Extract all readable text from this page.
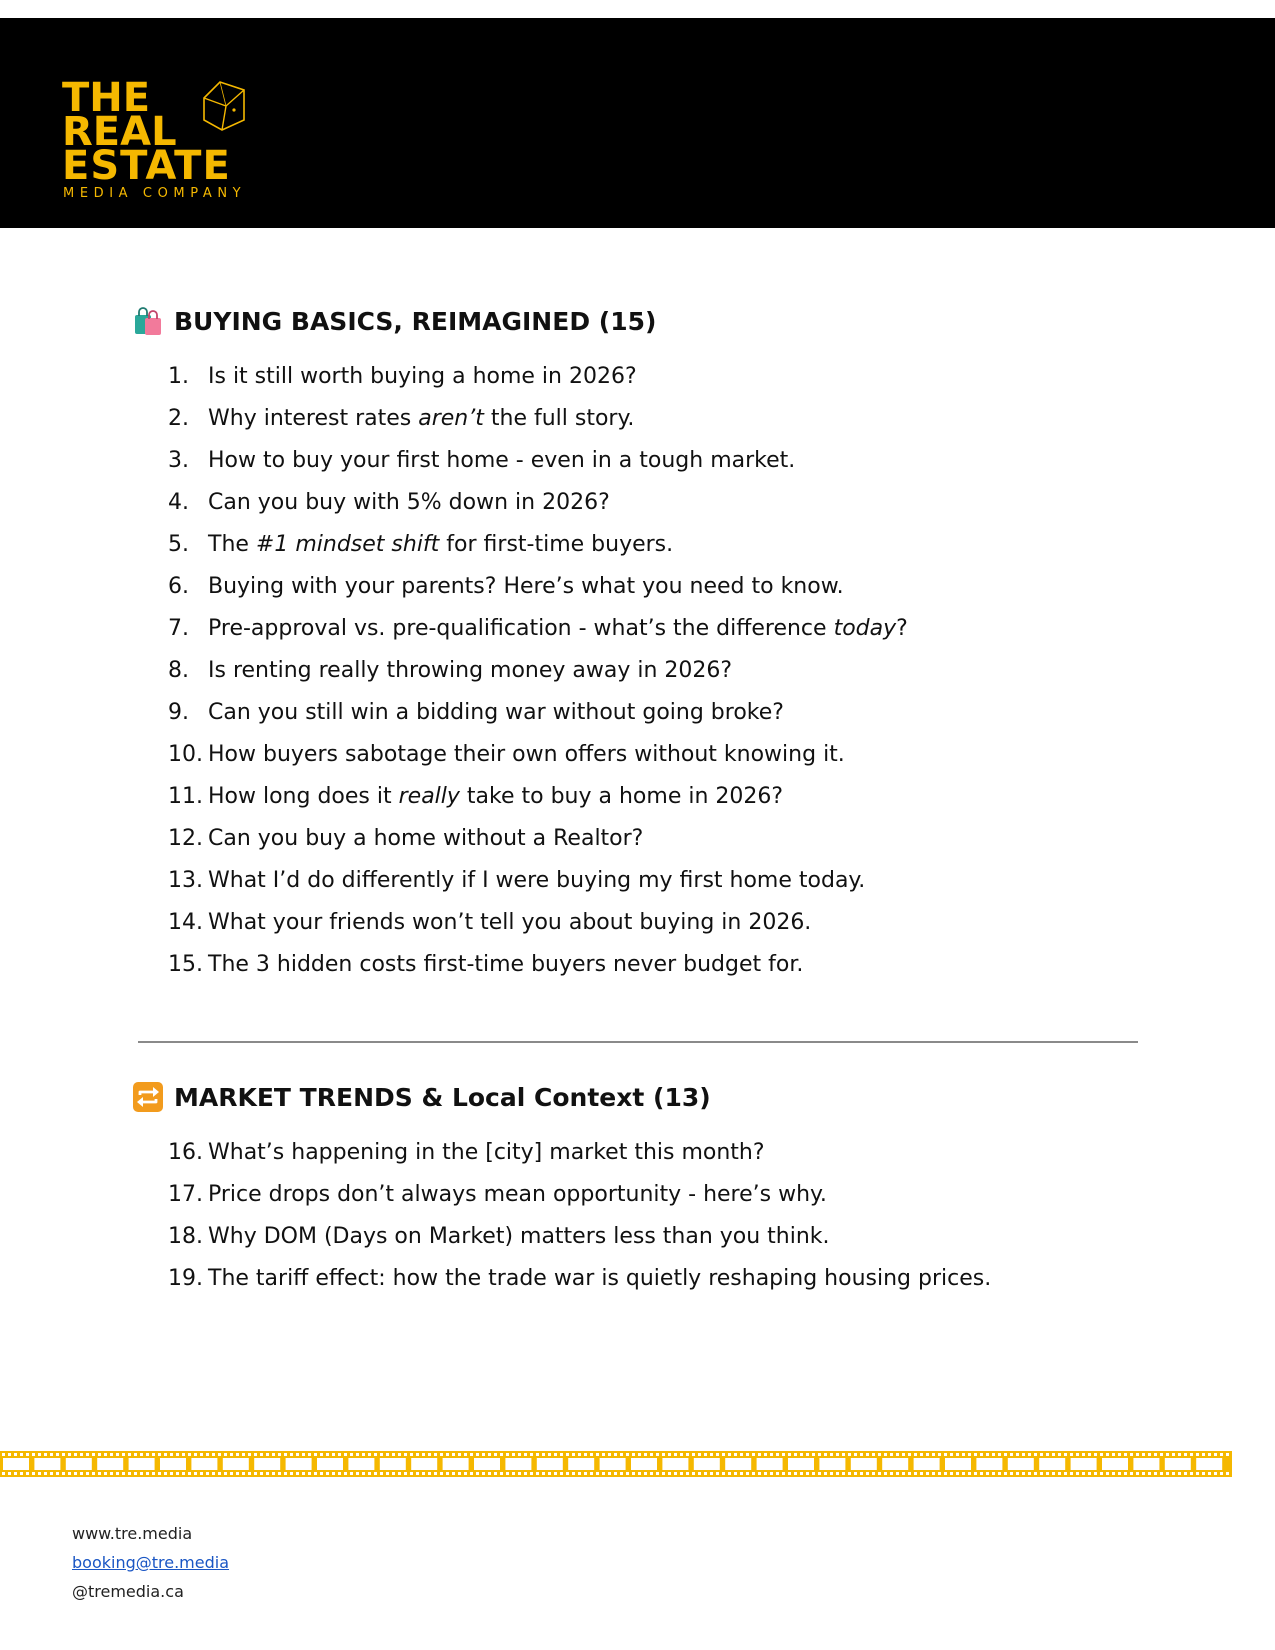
THE
REAL
ESTATE
MEDIA COMPANY
BUYING BASICS, REIMAGINED (15)
1. Is it still worth buying a home in 2026?
2. Why interest rates aren’t the full story.
3. How to buy your first home - even in a tough market.
4. Can you buy with 5% down in 2026?
5. The #1 mindset shift for first-time buyers.
6. Buying with your parents? Here’s what you need to know.
7. Pre-approval vs. pre-qualification - what’s the difference today?
8. Is renting really throwing money away in 2026?
9. Can you still win a bidding war without going broke?
10. How buyers sabotage their own offers without knowing it.
11. How long does it really take to buy a home in 2026?
12. Can you buy a home without a Realtor?
13. What I’d do differently if I were buying my first home today.
14. What your friends won’t tell you about buying in 2026.
15. The 3 hidden costs first-time buyers never budget for.
MARKET TRENDS & Local Context (13)
16. What’s happening in the [city] market this month?
17. Price drops don’t always mean opportunity - here’s why.
18. Why DOM (Days on Market) matters less than you think.
19. The tariff effect: how the trade war is quietly reshaping housing prices.
www.tre.media
booking@tre.media
@tremedia.ca
